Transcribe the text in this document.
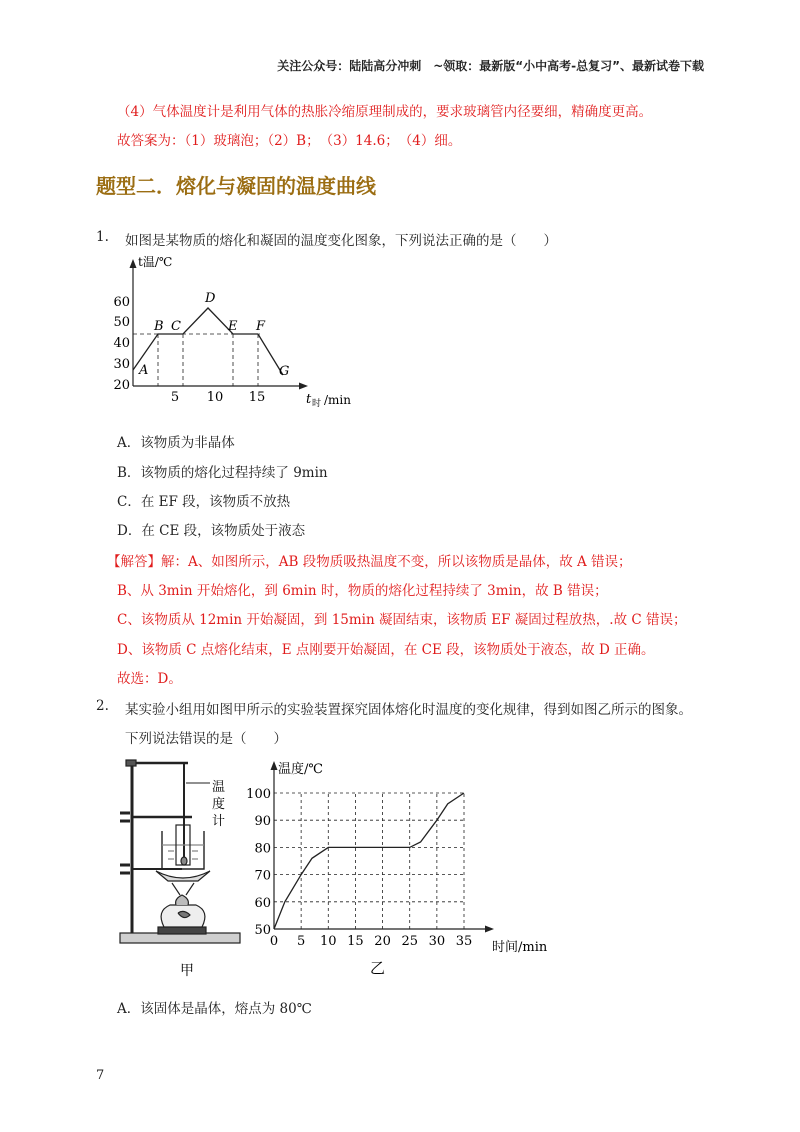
关注公众号：陆陆高分冲刺　~领取：最新版“小中高考-总复习”、最新试卷下载
（4）气体温度计是利用气体的热胀冷缩原理制成的，要求玻璃管内径要细，精确度更高。
故答案为：（1）玻璃泡；（2）B；　（3）14.6；　（4）细。
题型二．熔化与凝固的温度曲线
1. 如图是某物质的熔化和凝固的温度变化图象，下列说法正确的是（　　）
t温/℃
60
50
40
30
20
5 10 15	t 时 /min
A
B C
D
E F
G
A．该物质为非晶体
B．该物质的熔化过程持续了 9min
C．在 EF 段，该物质不放热
D．在 CE 段，该物质处于液态
【解答】解：A、如图所示，AB 段物质吸热温度不变，所以该物质是晶体，故 A 错误；
B、从 3min 开始熔化，到 6min 时，物质的熔化过程持续了 3min，故 B 错误；
C、该物质从 12min 开始凝固，到 15min 凝固结束，该物质 EF 凝固过程放热，.故 C 错误；
D、该物质 C 点熔化结束，E 点刚要开始凝固，在 CE 段，该物质处于液态，故 D 正确。
故选：D。
2. 某实验小组用如图甲所示的实验装置探究固体熔化时温度的变化规律，得到如图乙所示的图象。
下列说法错误的是（　　）
温
度
计
甲
温度/℃
时间/min
100
90
80
70
60
50
0 5 10 15 20 25 30 35
乙
A．该固体是晶体，熔点为 80℃
7
